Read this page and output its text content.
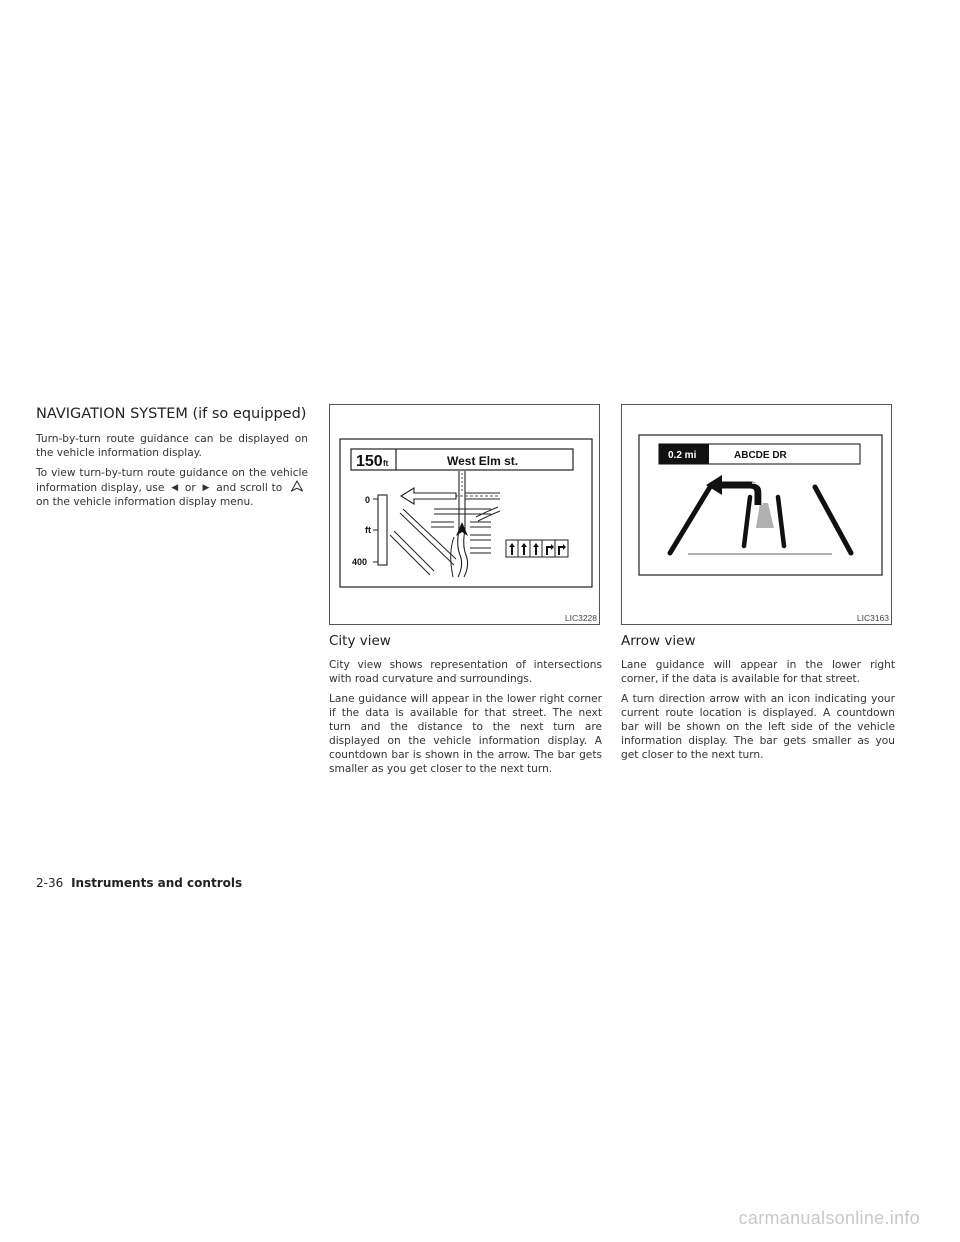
NAVIGATION SYSTEM (if so equipped)

Turn-by-turn route guidance can be displayed on the vehicle information display.

To view turn-by-turn route guidance on the vehicle information display, use ◀ or ▶ and scroll to  on the vehicle information display menu.

150 ft	West Elm st.
0
ft
400
LIC3228
City view

City view shows representation of intersections with road curvature and surroundings.

Lane guidance will appear in the lower right corner if the data is available for that street. The next turn and the distance to the next turn are displayed on the vehicle information display. A countdown bar is shown in the arrow. The bar gets smaller as you get closer to the next turn.

0.2 mi	ABCDE DR
LIC3163
Arrow view

Lane guidance will appear in the lower right corner, if the data is available for that street.

A turn direction arrow with an icon indicating your current route location is displayed. A countdown bar will be shown on the left side of the vehicle information display. The bar gets smaller as you get closer to the next turn.

2-36 Instruments and controls
carmanualsonline.info
